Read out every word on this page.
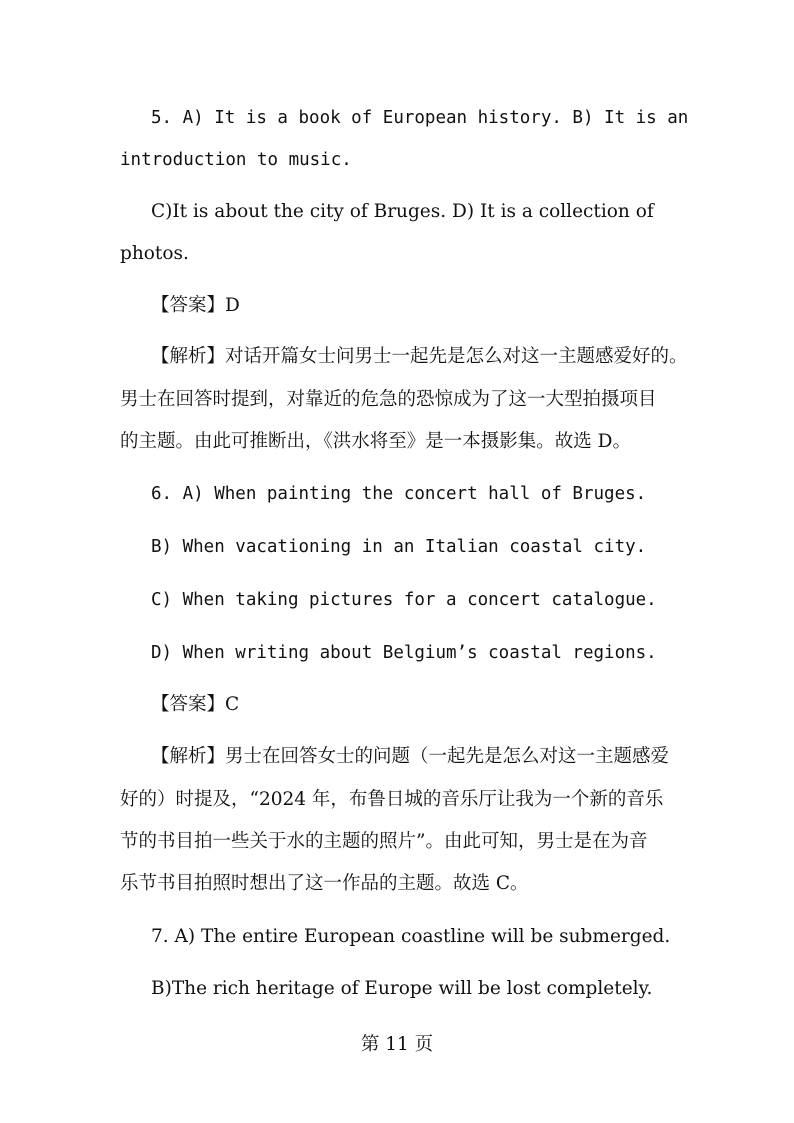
5. A) It is a book of European history. B) It is an
introduction to music.
C)It is about the city of Bruges. D) It is a collection of
photos.
【答案】D
【解析】对话开篇女士问男士一起先是怎么对这一主题感爱好的。
男士在回答时提到，对靠近的危急的恐惊成为了这一大型拍摄项目
的主题。由此可推断出，《洪水将至》是一本摄影集。故选 D。
6. A) When painting the concert hall of Bruges.
B) When vacationing in an Italian coastal city.
C) When taking pictures for a concert catalogue.
D) When writing about Belgium’s coastal regions.
【答案】C
【解析】男士在回答女士的问题（一起先是怎么对这一主题感爱
好的）时提及，“2024 年，布鲁日城的音乐厅让我为一个新的音乐
节的书目拍一些关于水的主题的照片”。由此可知，男士是在为音
乐节书目拍照时想出了这一作品的主题。故选 C。
7. A) The entire European coastline will be submerged.
B)The rich heritage of Europe will be lost completely.
第 11 页
